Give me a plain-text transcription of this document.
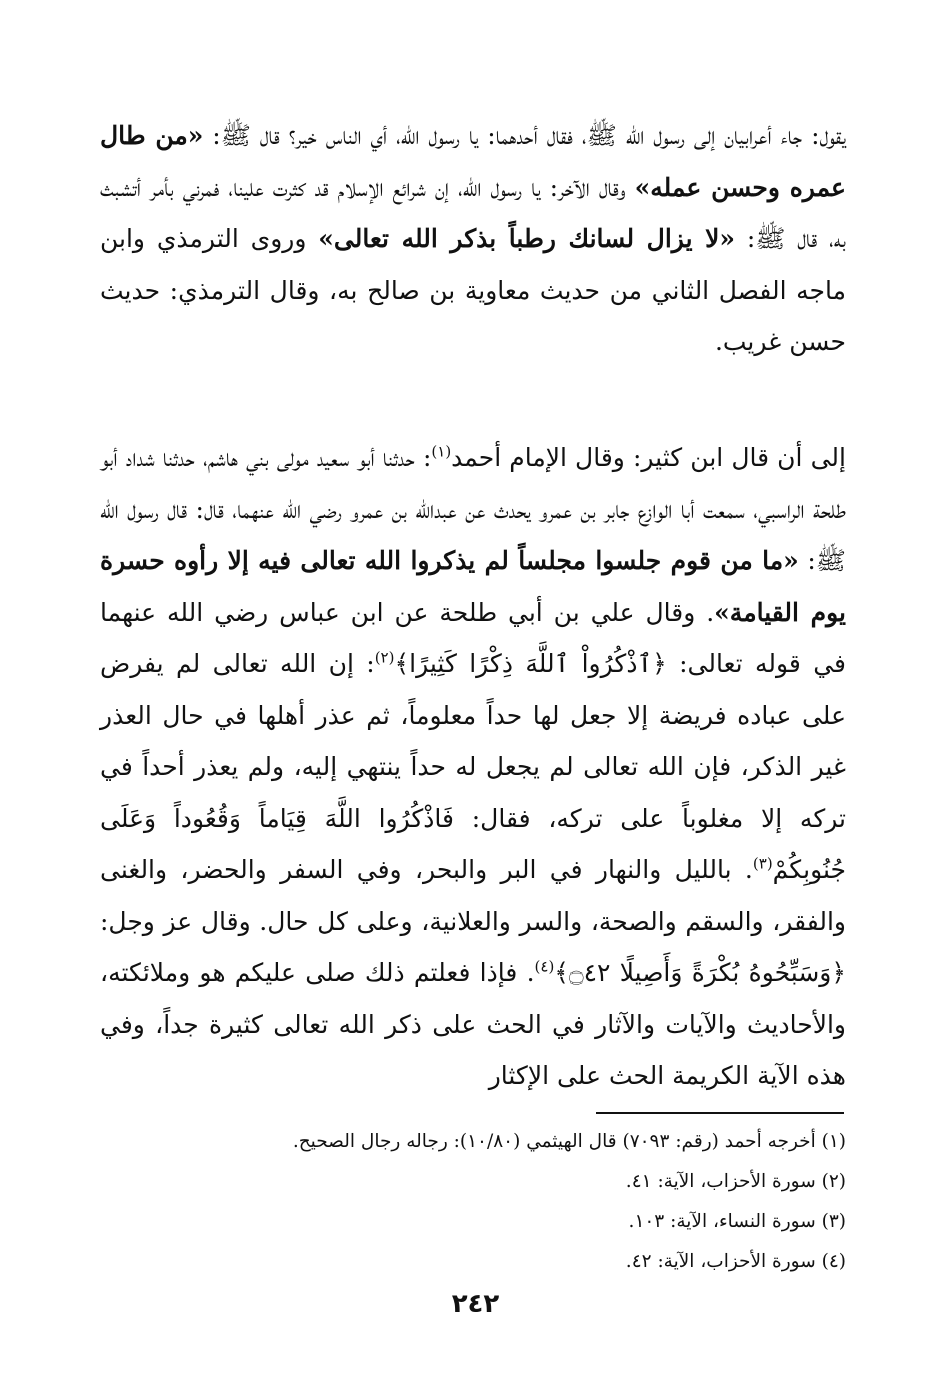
يقول: جاء أعرابيان إلى رسول الله ﷺ، فقال أحدهما: يا رسول الله، أي الناس خير؟ قال ﷺ: «من طال عمره وحسن عمله» وقال الآخر: يا رسول الله، إن شرائع الإسلام قد كثرت علينا، فمرني بأمر أتشبث به، قال ﷺ: «لا يزال لسانك رطباً بذكر الله تعالى» وروى الترمذي وابن ماجه الفصل الثاني من حديث معاوية بن صالح به، وقال الترمذي: حديث حسن غريب.

إلى أن قال ابن كثير: وقال الإمام أحمد$^{(١)}$: حدثنا أبو سعيد مولى بني هاشم، حدثنا شداد أبو طلحة الراسبي، سمعت أبا الوازع جابر بن عمرو يحدث عن عبدالله بن عمرو رضي الله عنهما، قال: قال رسول الله ﷺ: «ما من قوم جلسوا مجلساً لم يذكروا الله تعالى فيه إلا رأوه حسرة يوم القيامة». وقال علي بن أبي طلحة عن ابن عباس رضي الله عنهما في قوله تعالى: ﴿ٱذْكُرُواْ ٱللَّهَ ذِكْرًا كَثِيرًا﴾$^{(٢)}$: إن الله تعالى لم يفرض على عباده فريضة إلا جعل لها حداً معلوماً، ثم عذر أهلها في حال العذر غير الذكر، فإن الله تعالى لم يجعل له حداً ينتهي إليه، ولم يعذر أحداً في تركه إلا مغلوباً على تركه، فقال: فَاذْكُرُوا اللَّهَ قِيَاماً وَقُعُوداً وَعَلَى جُنُوبِكُمْ$^{(٣)}$. بالليل والنهار في البر والبحر، وفي السفر والحضر، والغنى والفقر، والسقم والصحة، والسر والعلانية، وعلى كل حال. وقال عز وجل: ﴿وَسَبِّحُوهُ بُكْرَةً وَأَصِيلًا ۝٤٢﴾$^{(٤)}$. فإذا فعلتم ذلك صلى عليكم هو وملائكته، والأحاديث والآيات والآثار في الحث على ذكر الله تعالى كثيرة جداً، وفي هذه الآية الكريمة الحث على الإكثار

(١) أخرجه أحمد (رقم: ٧٠٩٣) قال الهيثمي (١٠/٨٠): رجاله رجال الصحيح.
(٢) سورة الأحزاب، الآية: ٤١.
(٣) سورة النساء، الآية: ١٠٣.
(٤) سورة الأحزاب، الآية: ٤٢.
٢٤٢
